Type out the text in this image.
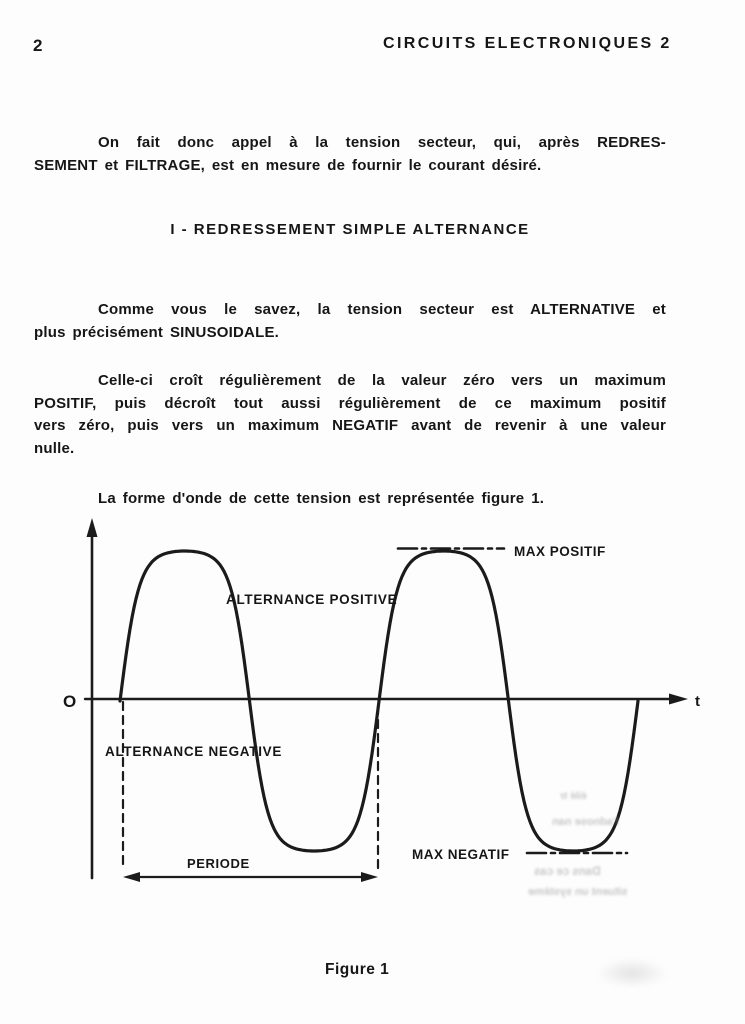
2	CIRCUITS ELECTRONIQUES 2
On fait donc appel à la tension secteur, qui, après REDRES-
SEMENT et FILTRAGE, est en mesure de fournir le courant désiré.
I - REDRESSEMENT SIMPLE ALTERNANCE
Comme vous le savez, la tension secteur est ALTERNATIVE et
plus précisément SINUSOIDALE.
Celle-ci croît régulièrement de la valeur zéro vers un maximum
POSITIF, puis décroît tout aussi régulièrement de ce maximum positif
vers zéro, puis vers un maximum NEGATIF avant de revenir à une valeur
nulle.
La forme d'onde de cette tension est représentée figure 1.
O	t
ALTERNANCE POSITIVE
ALTERNANCE NEGATIVE
MAX POSITIF
MAX NEGATIF
PERIODE
éilé tr
l'adnose nan
Dans ce cas
situent un système
Figure 1
